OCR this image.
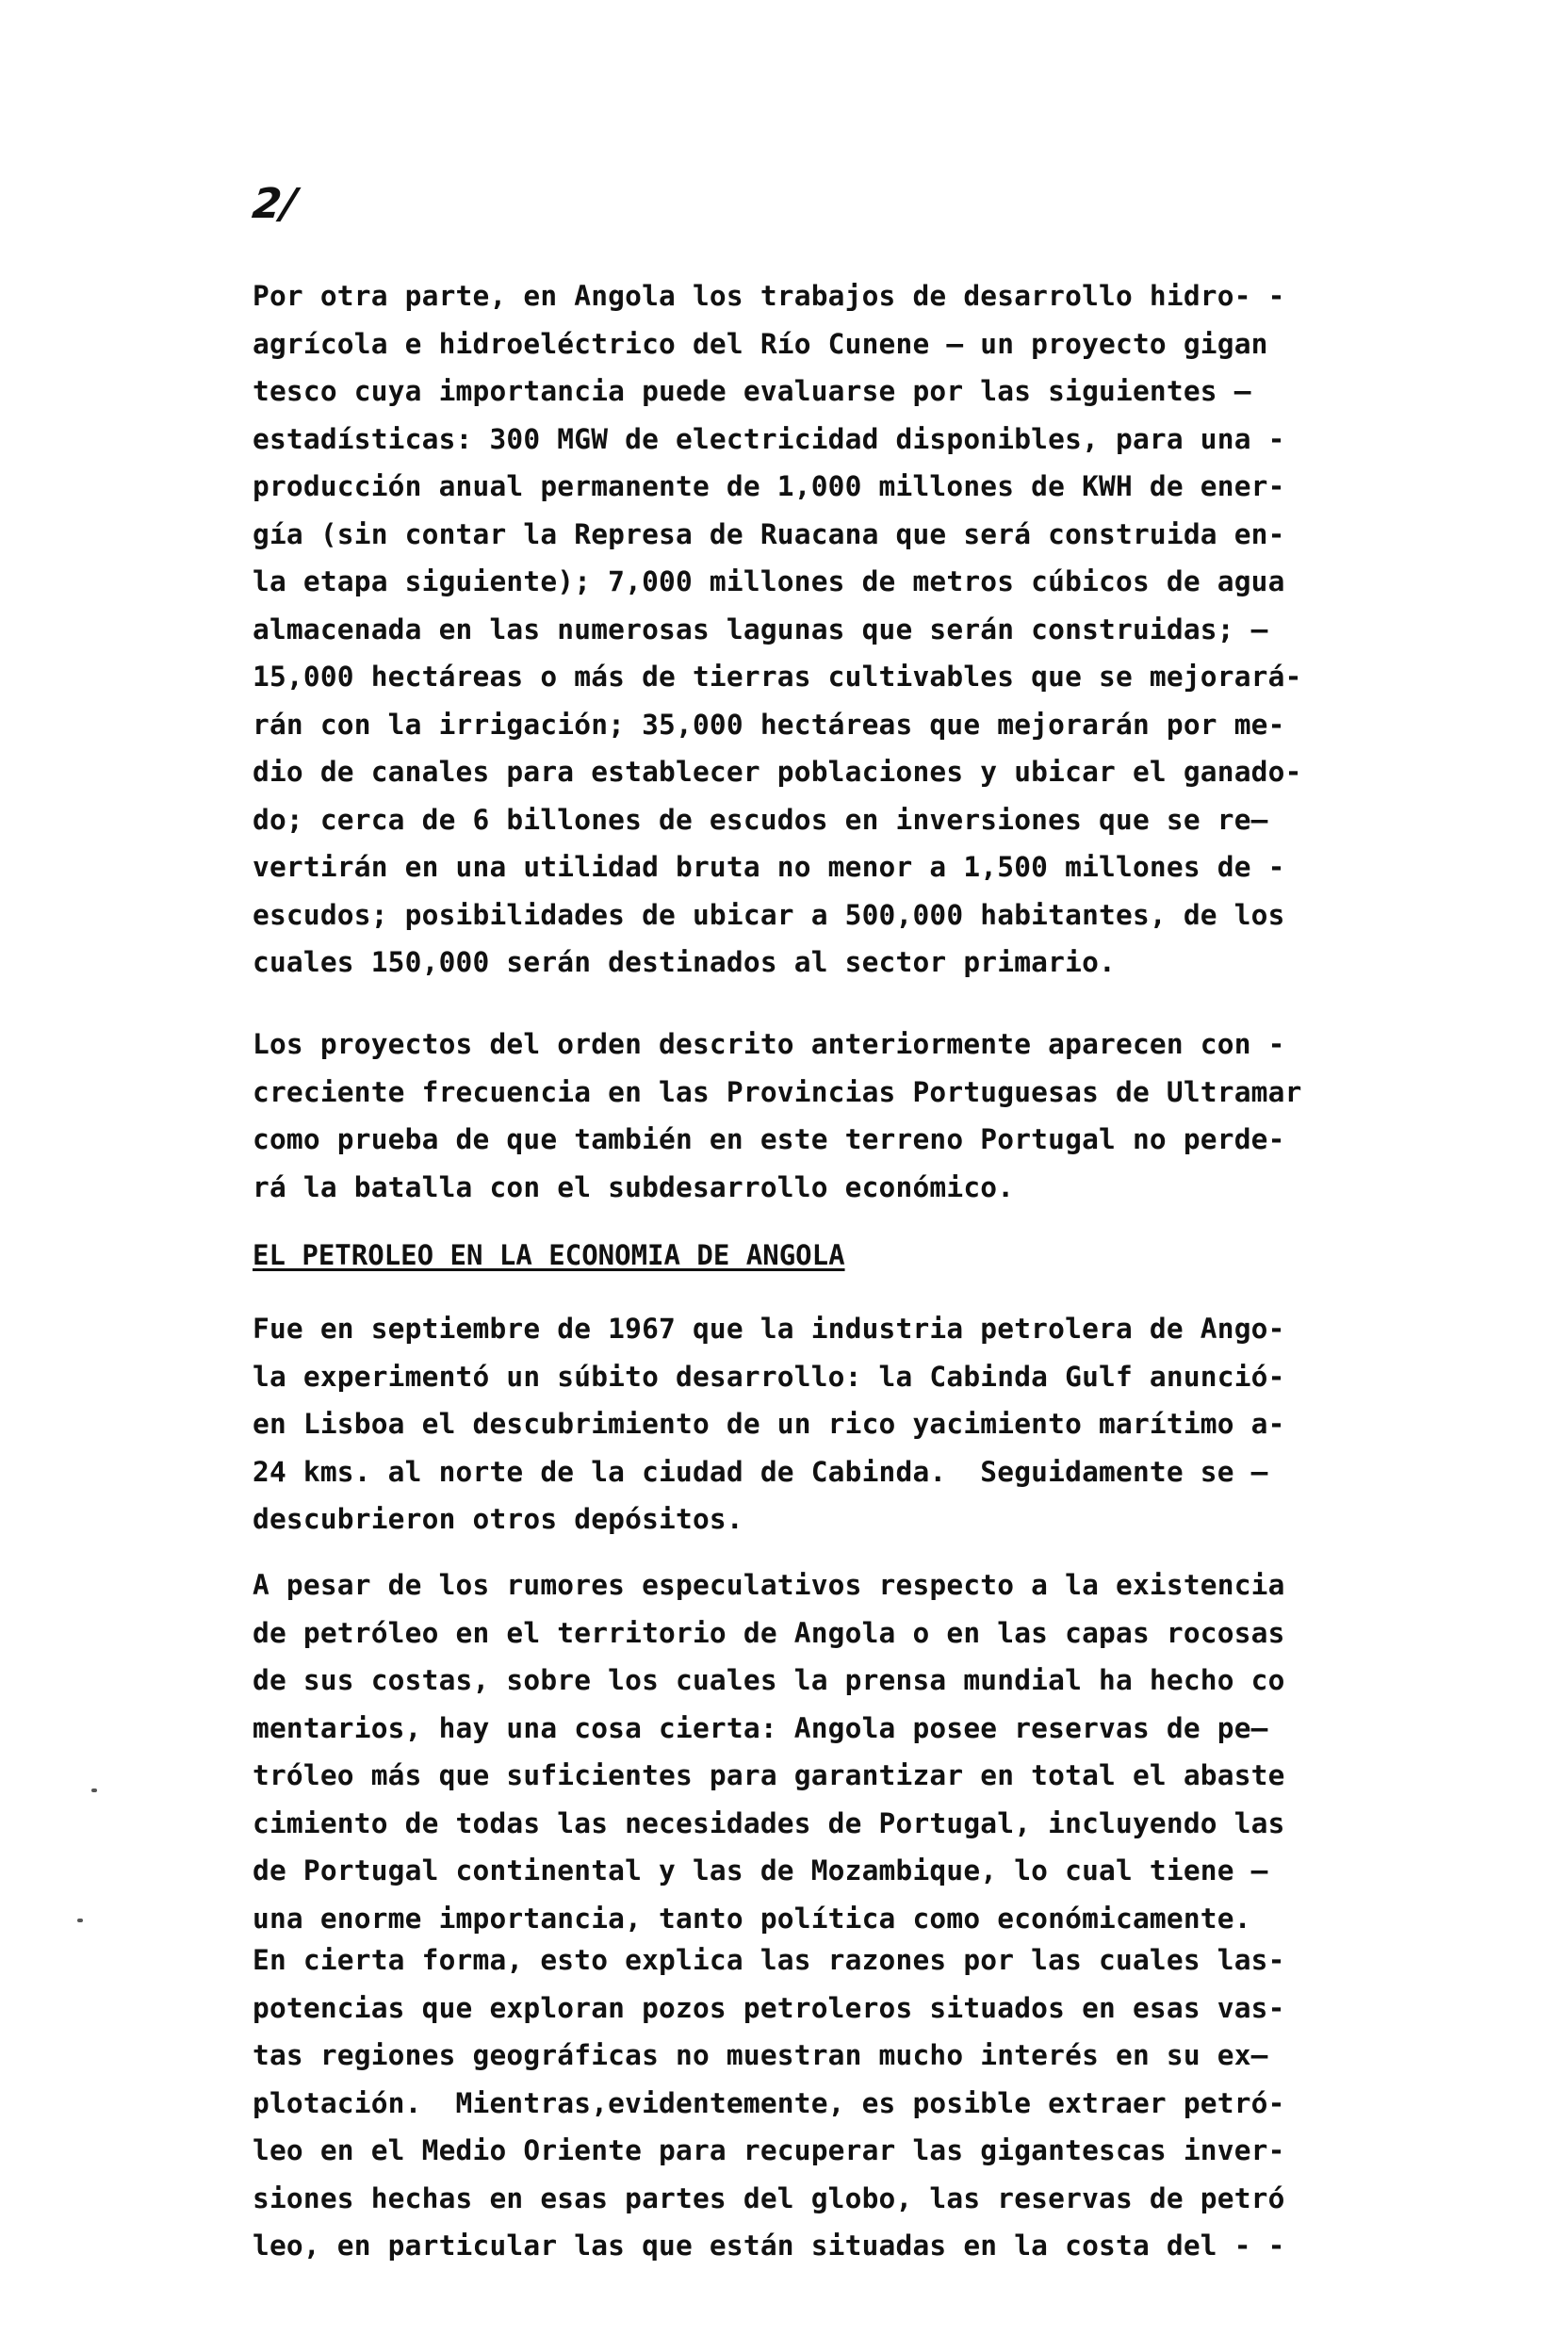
2/
Por otra parte, en Angola los trabajos de desarrollo hidro- -
agrícola e hidroeléctrico del Río Cunene — un proyecto gigan
tesco cuya importancia puede evaluarse por las siguientes —
estadísticas: 300 MGW de electricidad disponibles, para una -
producción anual permanente de 1,000 millones de KWH de ener-
gía (sin contar la Represa de Ruacana que será construida en-
la etapa siguiente); 7,000 millones de metros cúbicos de agua
almacenada en las numerosas lagunas que serán construidas; —
15,000 hectáreas o más de tierras cultivables que se mejorará-
rán con la irrigación; 35,000 hectáreas que mejorarán por me-
dio de canales para establecer poblaciones y ubicar el ganado-
do; cerca de 6 billones de escudos en inversiones que se re—
vertirán en una utilidad bruta no menor a 1,500 millones de -
escudos; posibilidades de ubicar a 500,000 habitantes, de los
cuales 150,000 serán destinados al sector primario.
Los proyectos del orden descrito anteriormente aparecen con -
creciente frecuencia en las Provincias Portuguesas de Ultramar
como prueba de que también en este terreno Portugal no perde-
rá la batalla con el subdesarrollo económico.
EL PETROLEO EN LA ECONOMIA DE ANGOLA
Fue en septiembre de 1967 que la industria petrolera de Ango-
la experimentó un súbito desarrollo: la Cabinda Gulf anunció-
en Lisboa el descubrimiento de un rico yacimiento marítimo a-
24 kms. al norte de la ciudad de Cabinda.  Seguidamente se —
descubrieron otros depósitos.
A pesar de los rumores especulativos respecto a la existencia
de petróleo en el territorio de Angola o en las capas rocosas
de sus costas, sobre los cuales la prensa mundial ha hecho co
mentarios, hay una cosa cierta: Angola posee reservas de pe—
tróleo más que suficientes para garantizar en total el abaste
cimiento de todas las necesidades de Portugal, incluyendo las
de Portugal continental y las de Mozambique, lo cual tiene —
una enorme importancia, tanto política como económicamente.
En cierta forma, esto explica las razones por las cuales las-
potencias que exploran pozos petroleros situados en esas vas-
tas regiones geográficas no muestran mucho interés en su ex—
plotación.  Mientras,evidentemente, es posible extraer petró-
leo en el Medio Oriente para recuperar las gigantescas inver-
siones hechas en esas partes del globo, las reservas de petró
leo, en particular las que están situadas en la costa del - -
